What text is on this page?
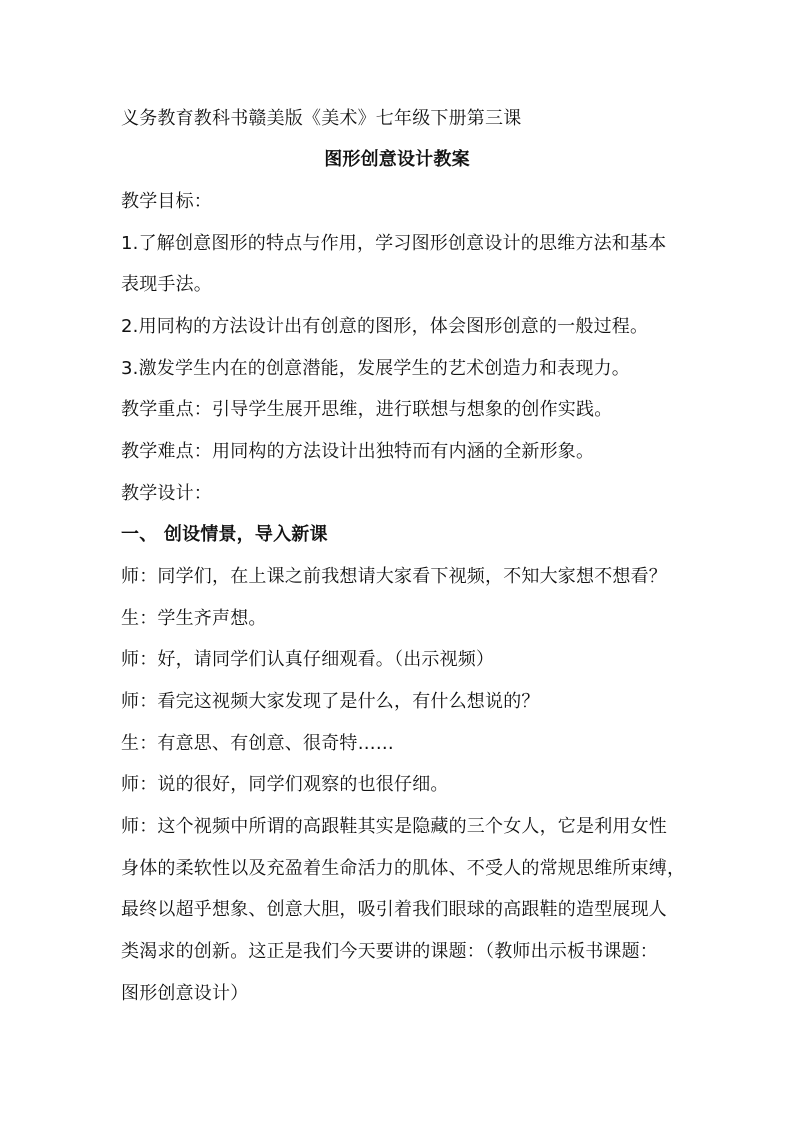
义务教育教科书赣美版《美术》七年级下册第三课
图形创意设计教案
教学目标：
1.了解创意图形的特点与作用，学习图形创意设计的思维方法和基本
表现手法。
2.用同构的方法设计出有创意的图形，体会图形创意的一般过程。
3.激发学生内在的创意潜能，发展学生的艺术创造力和表现力。
教学重点：引导学生展开思维，进行联想与想象的创作实践。
教学难点：用同构的方法设计出独特而有内涵的全新形象。
教学设计：
一、 创设情景，导入新课
师：同学们，在上课之前我想请大家看下视频，不知大家想不想看？
生：学生齐声想。
师：好，请同学们认真仔细观看。（出示视频）
师：看完这视频大家发现了是什么，有什么想说的？
生：有意思、有创意、很奇特……
师：说的很好，同学们观察的也很仔细。
师：这个视频中所谓的高跟鞋其实是隐藏的三个女人，它是利用女性
身体的柔软性以及充盈着生命活力的肌体、不受人的常规思维所束缚，
最终以超乎想象、创意大胆，吸引着我们眼球的高跟鞋的造型展现人
类渴求的创新。这正是我们今天要讲的课题：（教师出示板书课题：
图形创意设计）
